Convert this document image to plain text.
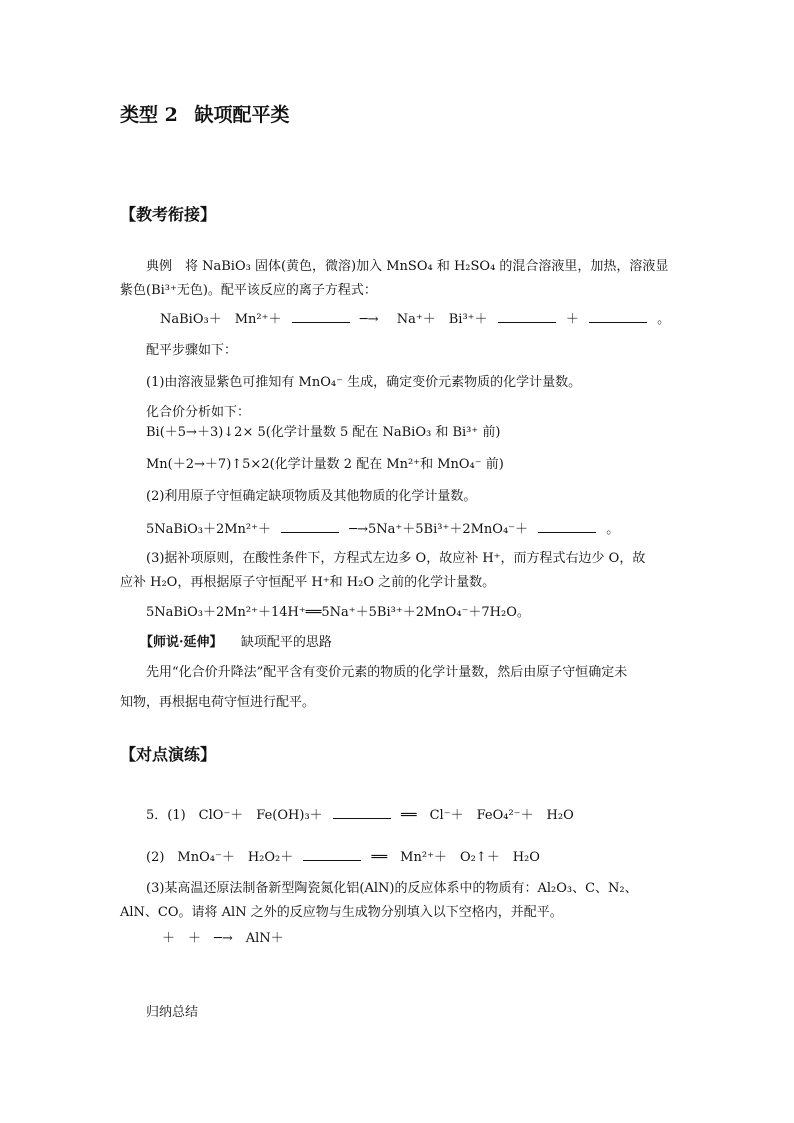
类型 2 缺项配平类
【教考衔接】
典例　将 NaBiO₃ 固体(黄色，微溶)加入 MnSO₄ 和 H₂SO₄ 的混合溶液里，加热，溶液显
紫色(Bi³⁺无色)。配平该反应的离子方程式：
NaBiO₃＋　Mn²⁺＋	─→ Na⁺＋　Bi³⁺＋	＋	。
配平步骤如下：
(1)由溶液显紫色可推知有 MnO₄⁻ 生成，确定变价元素物质的化学计量数。
化合价分析如下：
Bi(＋5→＋3)↓2× 5(化学计量数 5 配在 NaBiO₃ 和 Bi³⁺ 前)
Mn(＋2→＋7)↑5×2(化学计量数 2 配在 Mn²⁺和 MnO₄⁻ 前)
(2)利用原子守恒确定缺项物质及其他物质的化学计量数。
5NaBiO₃＋2Mn²⁺＋	─→5Na⁺＋5Bi³⁺＋2MnO₄⁻＋	。
(3)据补项原则，在酸性条件下，方程式左边多 O，故应补 H⁺，而方程式右边少 O，故
应补 H₂O，再根据原子守恒配平 H⁺和 H₂O 之前的化学计量数。
5NaBiO₃＋2Mn²⁺＋14H⁺══5Na⁺＋5Bi³⁺＋2MnO₄⁻＋7H₂O。
【师说·延伸】 缺项配平的思路
先用“化合价升降法”配平含有变价元素的物质的化学计量数，然后由原子守恒确定未
知物，再根据电荷守恒进行配平。
【对点演练】
5．(1)　ClO⁻＋　Fe(OH)₃＋	══　Cl⁻＋　FeO₄²⁻＋　H₂O
(2)　MnO₄⁻＋　H₂O₂＋	══　Mn²⁺＋　O₂↑＋　H₂O
(3)某高温还原法制备新型陶瓷氮化铝(AlN)的反应体系中的物质有：Al₂O₃、C、N₂、
AlN、CO。请将 AlN 之外的反应物与生成物分别填入以下空格内，并配平。
＋　＋　─→　AlN＋
归纳总结
